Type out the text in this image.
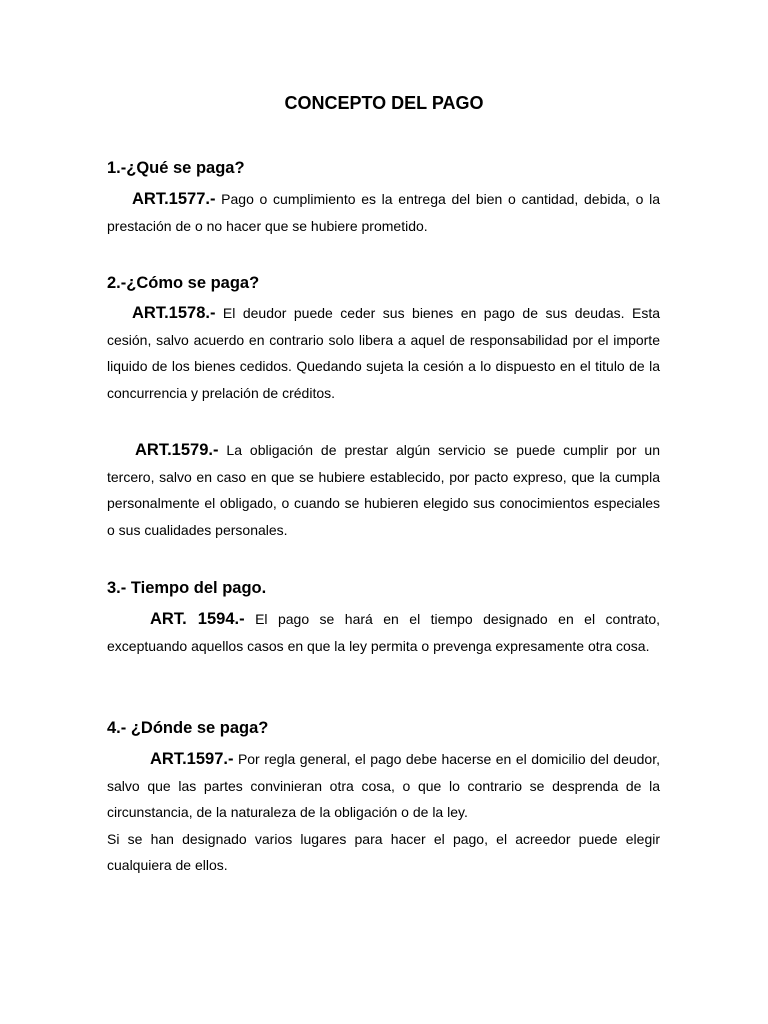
CONCEPTO DEL PAGO
1.-¿Qué se paga?

ART.1577.- Pago o cumplimiento es la entrega del bien o cantidad, debida, o la prestación de o no hacer que se hubiere prometido.

2.-¿Cómo se paga?

ART.1578.- El deudor puede ceder sus bienes en pago de sus deudas. Esta cesión, salvo acuerdo en contrario solo libera a aquel de responsabilidad por el importe liquido de los bienes cedidos. Quedando sujeta la cesión a lo dispuesto en el titulo de la concurrencia y prelación de créditos.

ART.1579.- La obligación de prestar algún servicio se puede cumplir por un tercero, salvo en caso en que se hubiere establecido, por pacto expreso, que la cumpla personalmente el obligado, o cuando se hubieren elegido sus conocimientos especiales o sus cualidades personales.

3.- Tiempo del pago.

ART. 1594.- El pago se hará en el tiempo designado en el contrato, exceptuando aquellos casos en que la ley permita o prevenga expresamente otra cosa.

4.- ¿Dónde se paga?

ART.1597.- Por regla general, el pago debe hacerse en el domicilio del deudor, salvo que las partes convinieran otra cosa, o que lo contrario se desprenda de la circunstancia, de la naturaleza de la obligación o de la ley.

Si se han designado varios lugares para hacer el pago, el acreedor puede elegir cualquiera de ellos.
